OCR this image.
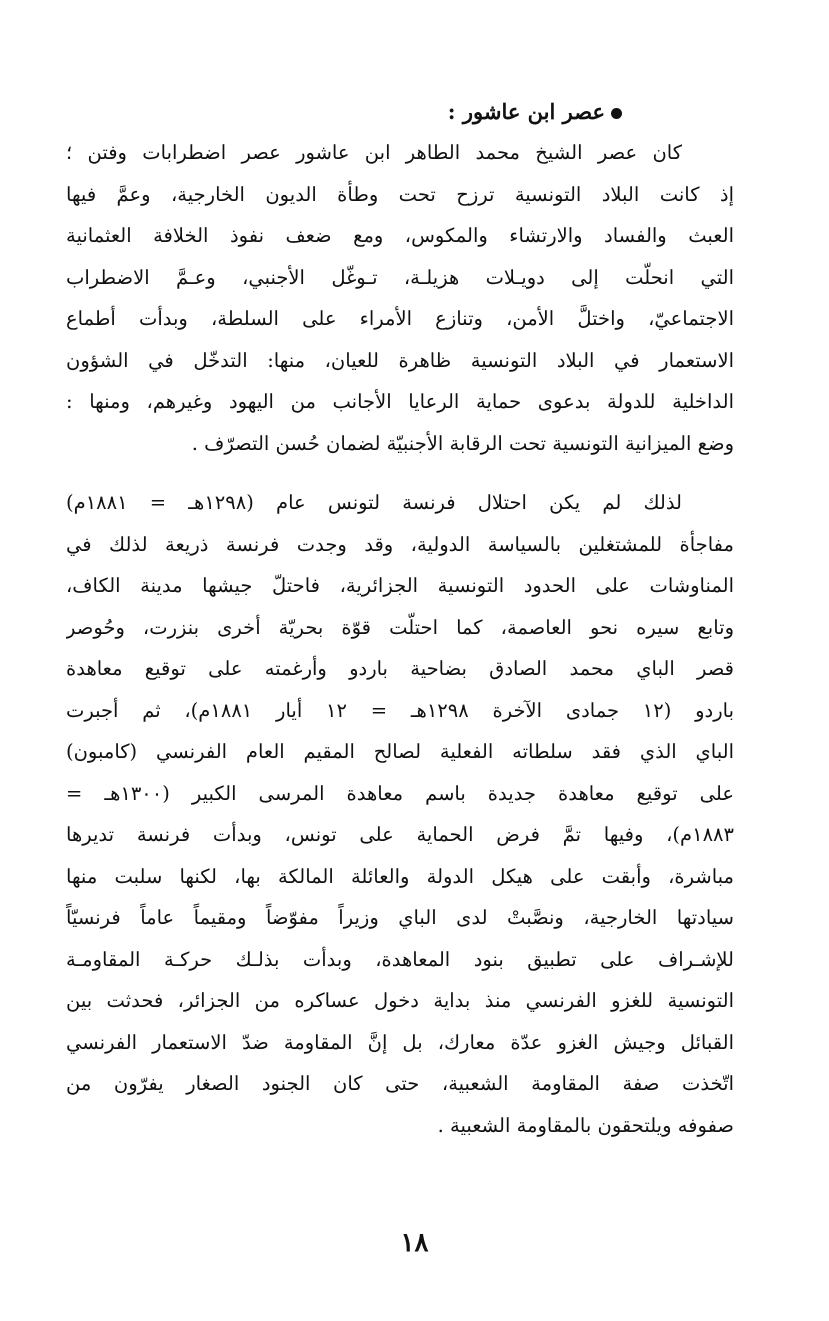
عصر ابن عاشور :
كان عصر الشيخ محمد الطاهر ابن عاشور عصر اضطرابات وفتن ؛
إذ كانت البلاد التونسية ترزح تحت وطأة الديون الخارجية، وعمَّ فيها
العبث والفساد والارتشاء والمكوس، ومع ضعف نفوذ الخلافة العثمانية
التي انحلّت إلى دويـلات هزيلـة، تـوغّل الأجنبي، وعـمَّ الاضطراب
الاجتماعيّ، واختلَّ الأمن، وتنازع الأمراء على السلطة، وبدأت أطماع
الاستعمار في البلاد التونسية ظاهرة للعيان، منها: التدخّل في الشؤون
الداخلية للدولة بدعوى حماية الرعايا الأجانب من اليهود وغيرهم، ومنها :
وضع الميزانية التونسية تحت الرقابة الأجنبيّة لضمان حُسن التصرّف .
لذلك لم يكن احتلال فرنسة لتونس عام (١٢٩٨هـ = ١٨٨١م)
مفاجأة للمشتغلين بالسياسة الدولية، وقد وجدت فرنسة ذريعة لذلك في
المناوشات على الحدود التونسية الجزائرية، فاحتلّ جيشها مدينة الكاف،
وتابع سيره نحو العاصمة، كما احتلّت قوّة بحريّة أخرى بنزرت، وحُوصر
قصر الباي محمد الصادق بضاحية باردو وأرغمته على توقيع معاهدة
باردو (١٢ جمادى الآخرة ١٢٩٨هـ = ١٢ أيار ١٨٨١م)، ثم أجبرت
الباي الذي فقد سلطاته الفعلية لصالح المقيم العام الفرنسي (كامبون)
على توقيع معاهدة جديدة باسم معاهدة المرسى الكبير (١٣٠٠هـ =
١٨٨٣م)، وفيها تمَّ فرض الحماية على تونس، وبدأت فرنسة تديرها
مباشرة، وأبقت على هيكل الدولة والعائلة المالكة بها، لكنها سلبت منها
سيادتها الخارجية، ونصَّبتْ لدى الباي وزيراً مفوّضاً ومقيماً عاماً فرنسيّاً
للإشـراف على تطبيق بنود المعاهدة، وبدأت بذلـك حركـة المقاومـة
التونسية للغزو الفرنسي منذ بداية دخول عساكره من الجزائر، فحدثت بين
القبائل وجيش الغزو عدّة معارك، بل إنَّ المقاومة ضدّ الاستعمار الفرنسي
اتّخذت صفة المقاومة الشعبية، حتى كان الجنود الصغار يفرّون من
صفوفه ويلتحقون بالمقاومة الشعبية .
١٨
